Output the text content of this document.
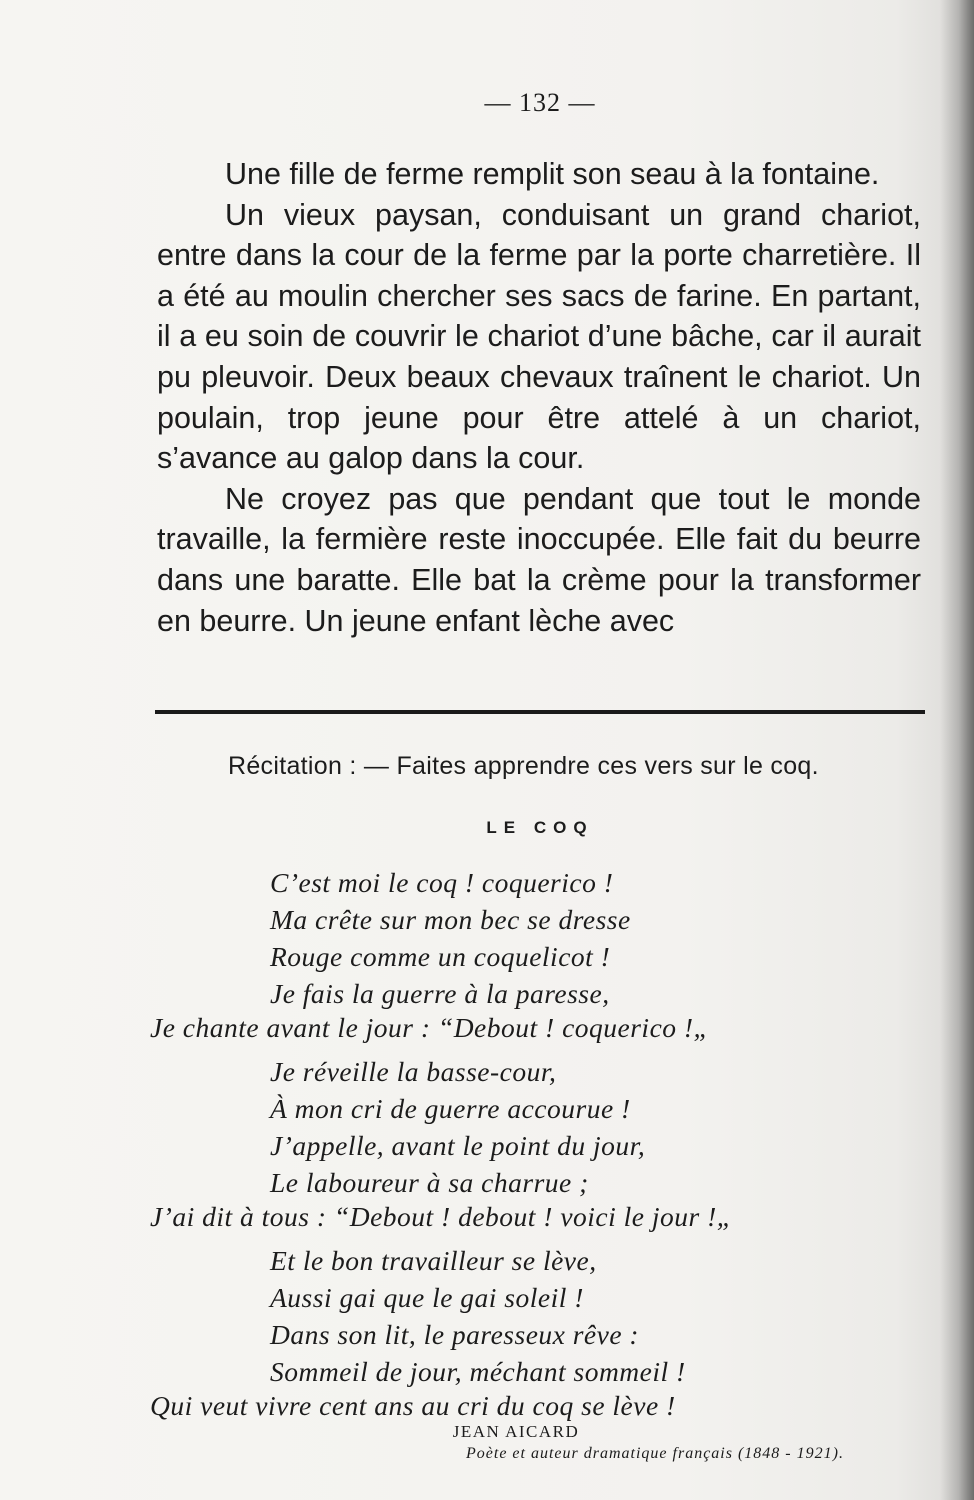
— 132 —

Une fille de ferme remplit son seau à la fontaine.

Un vieux paysan, conduisant un grand chariot, entre dans la cour de la ferme par la porte charretière. Il a été au moulin chercher ses sacs de farine. En partant, il a eu soin de couvrir le chariot d’une bâche, car il aurait pu pleuvoir. Deux beaux chevaux traînent le chariot. Un poulain, trop jeune pour être attelé à un chariot, s’avance au galop dans la cour.

Ne croyez pas que pendant que tout le monde travaille, la fermière reste inoccupée. Elle fait du beurre dans une baratte. Elle bat la crème pour la transformer en beurre. Un jeune enfant lèche avec

Récitation : — Faites apprendre ces vers sur le coq.
LE COQ
C’est moi le coq ! coquerico !
Ma crête sur mon bec se dresse
Rouge comme un coquelicot !
Je fais la guerre à la paresse,
Je chante avant le jour : “Debout ! coquerico !„
Je réveille la basse-cour,
À mon cri de guerre accourue !
J’appelle, avant le point du jour,
Le laboureur à sa charrue ;
J’ai dit à tous : “Debout ! debout ! voici le jour !„
Et le bon travailleur se lève,
Aussi gai que le gai soleil !
Dans son lit, le paresseux rêve :
Sommeil de jour, méchant sommeil !
Qui veut vivre cent ans au cri du coq se lève !
JEAN AICARD
Poète et auteur dramatique français (1848 - 1921).
